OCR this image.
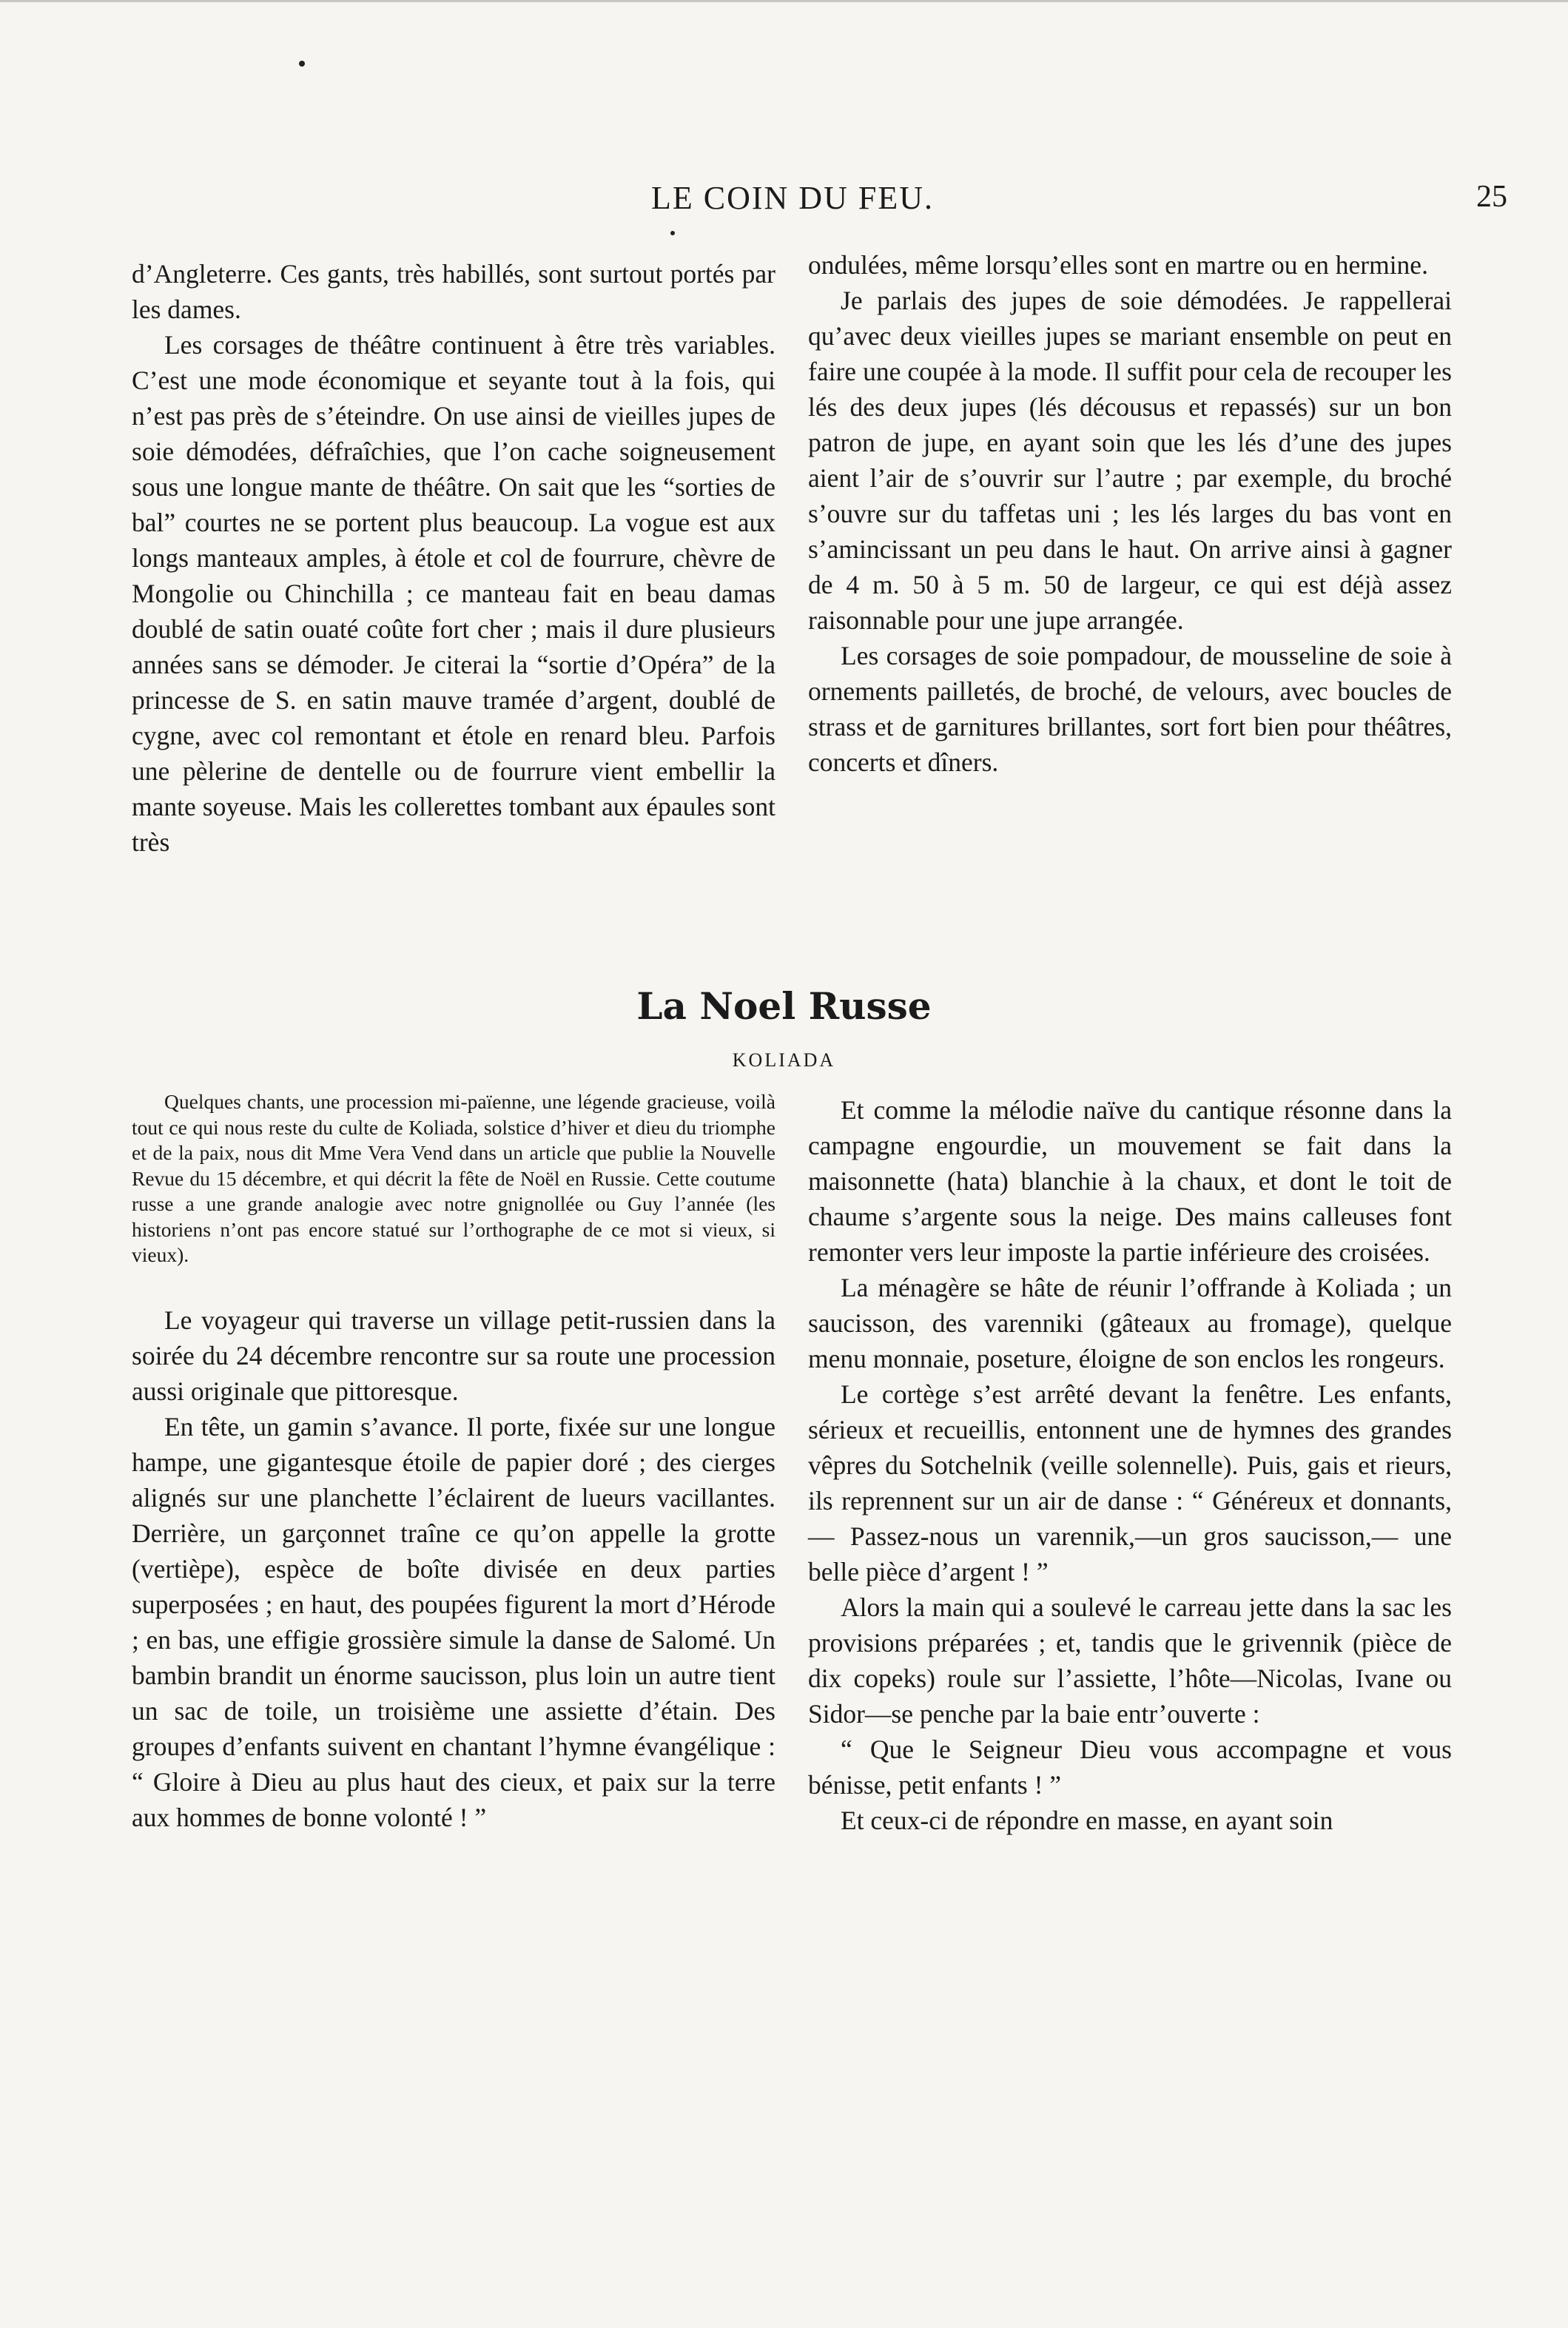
LE COIN DU FEU.	25

d’Angleterre. Ces gants, très habillés, sont surtout portés par les dames.

Les corsages de théâtre continuent à être très variables. C’est une mode économique et seyante tout à la fois, qui n’est pas près de s’éteindre. On use ainsi de vieilles jupes de soie démodées, défraîchies, que l’on cache soigneusement sous une longue mante de théâtre. On sait que les “sorties de bal” courtes ne se portent plus beaucoup. La vogue est aux longs manteaux amples, à étole et col de fourrure, chèvre de Mongolie ou Chinchilla ; ce manteau fait en beau damas doublé de satin ouaté coûte fort cher ; mais il dure plusieurs années sans se démoder. Je citerai la “sortie d’Opéra” de la princesse de S. en satin mauve tramée d’argent, doublé de cygne, avec col remontant et étole en renard bleu. Parfois une pèlerine de dentelle ou de fourrure vient embellir la mante soyeuse. Mais les collerettes tombant aux épaules sont très

ondulées, même lorsqu’elles sont en martre ou en hermine.

Je parlais des jupes de soie démodées. Je rappellerai qu’avec deux vieilles jupes se mariant ensemble on peut en faire une coupée à la mode. Il suffit pour cela de recouper les lés des deux jupes (lés décousus et repassés) sur un bon patron de jupe, en ayant soin que les lés d’une des jupes aient l’air de s’ouvrir sur l’autre ; par exemple, du broché s’ouvre sur du taffetas uni ; les lés larges du bas vont en s’amincissant un peu dans le haut. On arrive ainsi à gagner de 4 m. 50 à 5 m. 50 de largeur, ce qui est déjà assez raisonnable pour une jupe arrangée.

Les corsages de soie pompadour, de mousseline de soie à ornements pailletés, de broché, de velours, avec boucles de strass et de garnitures brillantes, sort fort bien pour théâtres, concerts et dîners.

La Noel Russe
KOLIADA

Quelques chants, une procession mi-païenne, une légende gracieuse, voilà tout ce qui nous reste du culte de Koliada, solstice d’hiver et dieu du triomphe et de la paix, nous dit Mme Vera Vend dans un article que publie la Nouvelle Revue du 15 décembre, et qui décrit la fête de Noël en Russie. Cette coutume russe a une grande analogie avec notre gnignollée ou Guy l’année (les historiens n’ont pas encore statué sur l’orthographe de ce mot si vieux, si vieux).

Le voyageur qui traverse un village petit-russien dans la soirée du 24 décembre rencontre sur sa route une procession aussi originale que pittoresque.

En tête, un gamin s’avance. Il porte, fixée sur une longue hampe, une gigantesque étoile de papier doré ; des cierges alignés sur une planchette l’éclairent de lueurs vacillantes. Derrière, un garçonnet traîne ce qu’on appelle la grotte (vertièpe), espèce de boîte divisée en deux parties superposées ; en haut, des poupées figurent la mort d’Hérode ; en bas, une effigie grossière simule la danse de Salomé. Un bambin brandit un énorme saucisson, plus loin un autre tient un sac de toile, un troisième une assiette d’étain. Des groupes d’enfants suivent en chantant l’hymne évangélique : “ Gloire à Dieu au plus haut des cieux, et paix sur la terre aux hommes de bonne volonté ! ”

Et comme la mélodie naïve du cantique résonne dans la campagne engourdie, un mouvement se fait dans la maisonnette (hata) blanchie à la chaux, et dont le toit de chaume s’argente sous la neige. Des mains calleuses font remonter vers leur imposte la partie inférieure des croisées.

La ménagère se hâte de réunir l’offrande à Koliada ; un saucisson, des varenniki (gâteaux au fromage), quelque menu monnaie, poseture, éloigne de son enclos les rongeurs.

Le cortège s’est arrêté devant la fenêtre. Les enfants, sérieux et recueillis, entonnent une de hymnes des grandes vêpres du Sotchelnik (veille solennelle). Puis, gais et rieurs, ils reprennent sur un air de danse : “ Généreux et donnants,— Passez-nous un varennik,—un gros saucisson,— une belle pièce d’argent ! ”

Alors la main qui a soulevé le carreau jette dans la sac les provisions préparées ; et, tandis que le grivennik (pièce de dix copeks) roule sur l’assiette, l’hôte—Nicolas, Ivane ou Sidor—se penche par la baie entr’ouverte :

“ Que le Seigneur Dieu vous accompagne et vous bénisse, petit enfants ! ”

Et ceux-ci de répondre en masse, en ayant soin
